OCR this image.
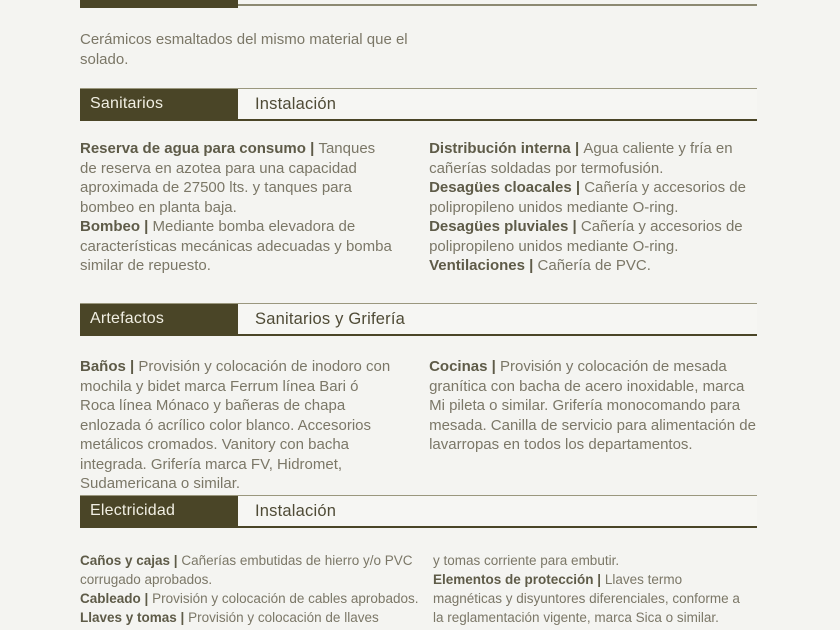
Cerámicos esmaltados del mismo material que el solado.

Sanitarios	Instalación

Reserva de agua para consumo | Tanques de reserva en azotea para una capacidad aproximada de 27500 lts. y tanques para bombeo en planta baja.

Bombeo | Mediante bomba elevadora de características mecánicas adecuadas y bomba similar de repuesto.

Distribución interna | Agua caliente y fría en cañerías soldadas por termofusión.

Desagües cloacales | Cañería y accesorios de polipropileno unidos mediante O-ring.

Desagües pluviales | Cañería y accesorios de polipropileno unidos mediante O-ring.

Ventilaciones | Cañería de PVC.

Artefactos	Sanitarios y Grifería

Baños | Provisión y colocación de inodoro con mochila y bidet marca Ferrum línea Bari ó Roca línea Mónaco y bañeras de chapa enlozada ó acrílico color blanco. Accesorios metálicos cromados. Vanitory con bacha integrada. Grifería marca FV, Hidromet, Sudamericana o similar.

Cocinas | Provisión y colocación de mesada granítica con bacha de acero inoxidable, marca Mi pileta o similar. Grifería monocomando para mesada. Canilla de servicio para alimentación de lavarropas en todos los departamentos.

Electricidad	Instalación

Caños y cajas | Cañerías embutidas de hierro y/o PVC corrugado aprobados.

Cableado | Provisión y colocación de cables aprobados.

Llaves y tomas | Provisión y colocación de llaves

y tomas corriente para embutir.

Elementos de protección | Llaves termo magnéticas y disyuntores diferenciales, conforme a la reglamentación vigente, marca Sica o similar.
